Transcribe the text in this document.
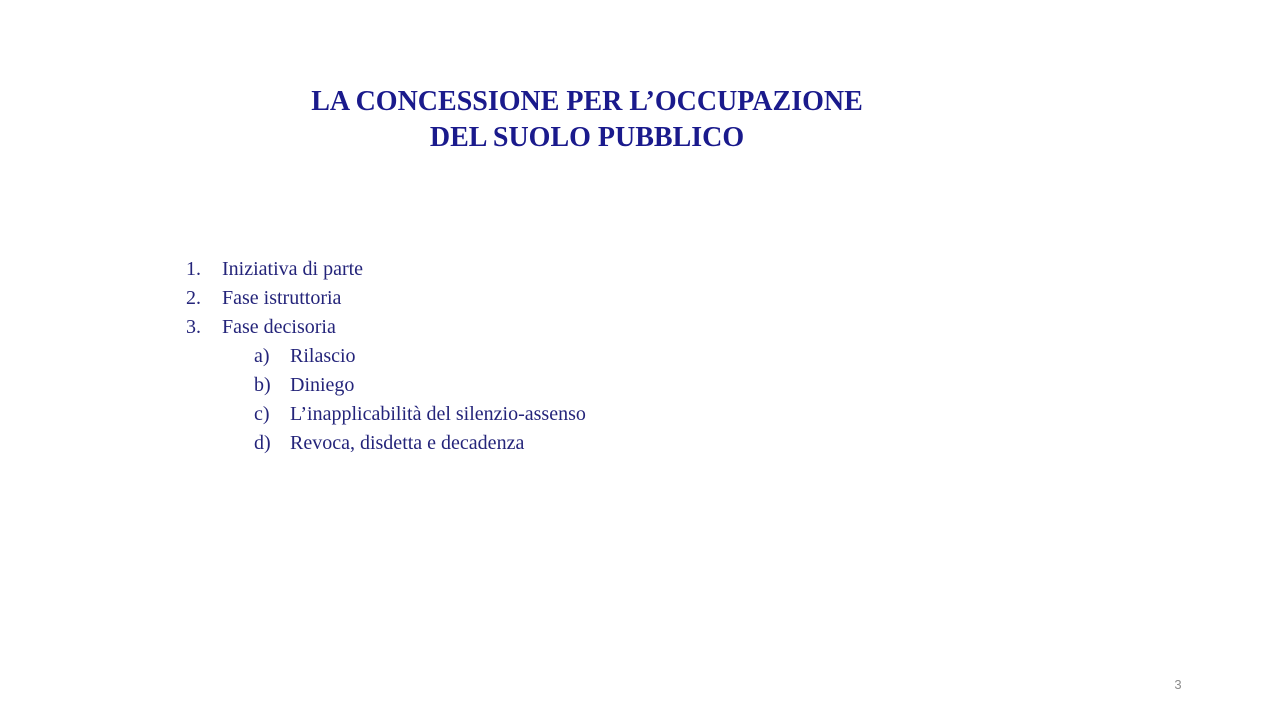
LA CONCESSIONE PER L’OCCUPAZIONE
DEL SUOLO PUBBLICO
1.	Iniziativa di parte
2.	Fase istruttoria
3.	Fase decisoria
a)	Rilascio
b) Diniego
c)	L’inapplicabilità del silenzio-assenso
d) Revoca, disdetta e decadenza
3
